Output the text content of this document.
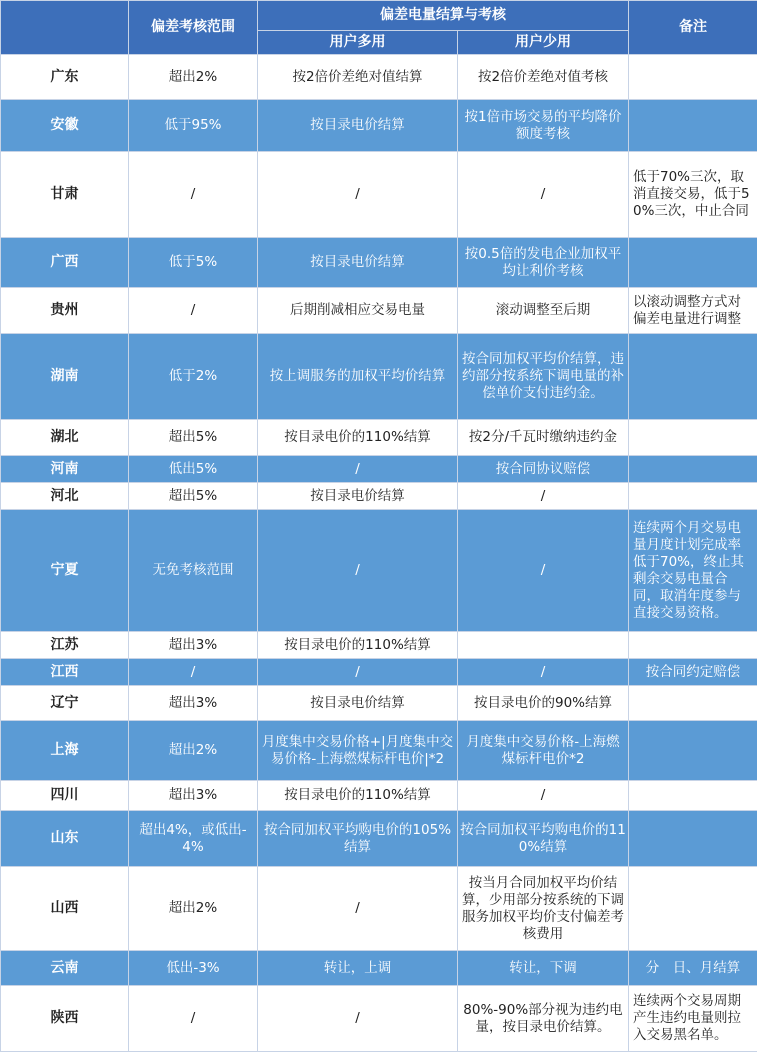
	偏差考核范围	偏差电量结算与考核		备注
		用户多用	用户少用	
广东	超出2%	按2倍价差绝对值结算	按2倍价差绝对值考核	
安徽	低于95%	按目录电价结算	按1倍市场交易的平均降价额度考核	
甘肃	/	/	/	低于70%三次，取消直接交易，低于50%三次，中止合同
广西	低于5%	按目录电价结算	按0.5倍的发电企业加权平均让利价考核	
贵州	/	后期削减相应交易电量	滚动调整至后期	以滚动调整方式对偏差电量进行调整
湖南	低于2%	按上调服务的加权平均价结算	按合同加权平均价结算，违约部分按系统下调电量的补偿单价支付违约金。	
湖北	超出5%	按目录电价的110%结算	按2分/千瓦时缴纳违约金	
河南	低出5%	/	按合同协议赔偿	
河北	超出5%	按目录电价结算	/	
宁夏	无免考核范围	/	/	连续两个月交易电量月度计划完成率低于70%，终止其剩余交易电量合同，取消年度参与直接交易资格。
江苏	超出3%	按目录电价的110%结算		
江西	/	/	/	按合同约定赔偿
辽宁	超出3%	按目录电价结算	按目录电价的90%结算	
上海	超出2%	月度集中交易价格+|月度集中交易价格-上海燃煤标杆电价|*2	月度集中交易价格-上海燃煤标杆电价*2	
四川	超出3%	按目录电价的110%结算	/	
山东	超出4%，或低出-4%	按合同加权平均购电价的105%结算	按合同加权平均购电价的110%结算	
山西	超出2%	/	按当月合同加权平均价结算，少用部分按系统的下调服务加权平均价支付偏差考核费用	
云南	低出-3%	转让，上调	转让，下调	分　日、月结算
陕西	/	/	80%-90%部分视为违约电量，按目录电价结算。	连续两个交易周期产生违约电量则拉入交易黑名单。
